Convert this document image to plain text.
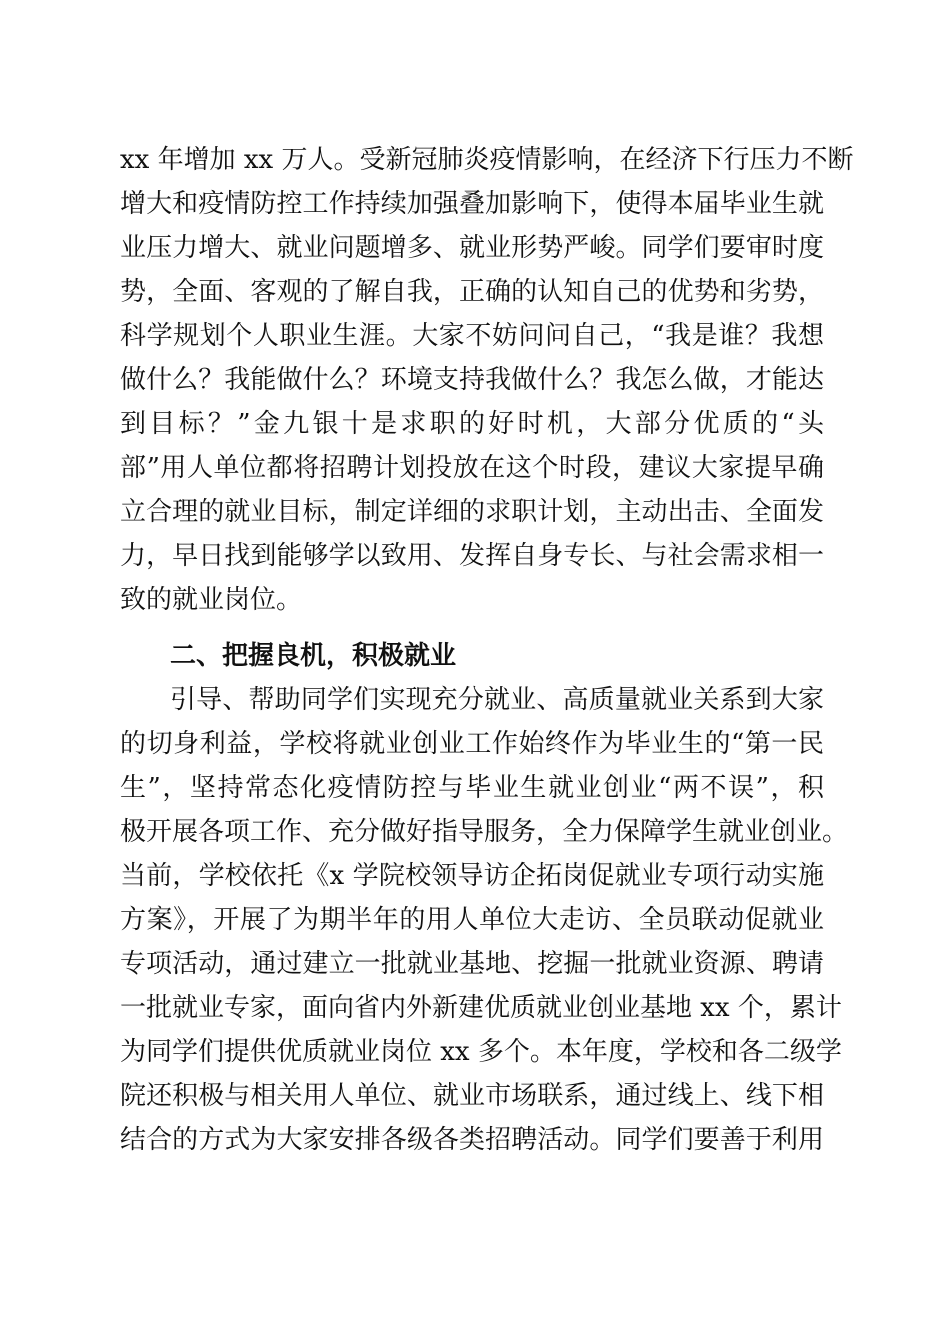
xx 年增加 xx 万人。受新冠肺炎疫情影响，在经济下行压力不断
增大和疫情防控工作持续加强叠加影响下，使得本届毕业生就
业压力增大、就业问题增多、就业形势严峻。同学们要审时度
势，全面、客观的了解自我，正确的认知自己的优势和劣势，
科学规划个人职业生涯。大家不妨问问自己，“我是谁？我想
做什么？我能做什么？环境支持我做什么？我怎么做，才能达
到目标？”金九银十是求职的好时机，大部分优质的“头
部”用人单位都将招聘计划投放在这个时段，建议大家提早确
立合理的就业目标，制定详细的求职计划，主动出击、全面发
力，早日找到能够学以致用、发挥自身专长、与社会需求相一
致的就业岗位。
二、把握良机，积极就业
引导、帮助同学们实现充分就业、高质量就业关系到大家
的切身利益，学校将就业创业工作始终作为毕业生的“第一民
生”，坚持常态化疫情防控与毕业生就业创业“两不误”，积
极开展各项工作、充分做好指导服务，全力保障学生就业创业。
当前，学校依托《x 学院校领导访企拓岗促就业专项行动实施
方案》，开展了为期半年的用人单位大走访、全员联动促就业
专项活动，通过建立一批就业基地、挖掘一批就业资源、聘请
一批就业专家，面向省内外新建优质就业创业基地 xx 个，累计
为同学们提供优质就业岗位 xx 多个。本年度，学校和各二级学
院还积极与相关用人单位、就业市场联系，通过线上、线下相
结合的方式为大家安排各级各类招聘活动。同学们要善于利用
